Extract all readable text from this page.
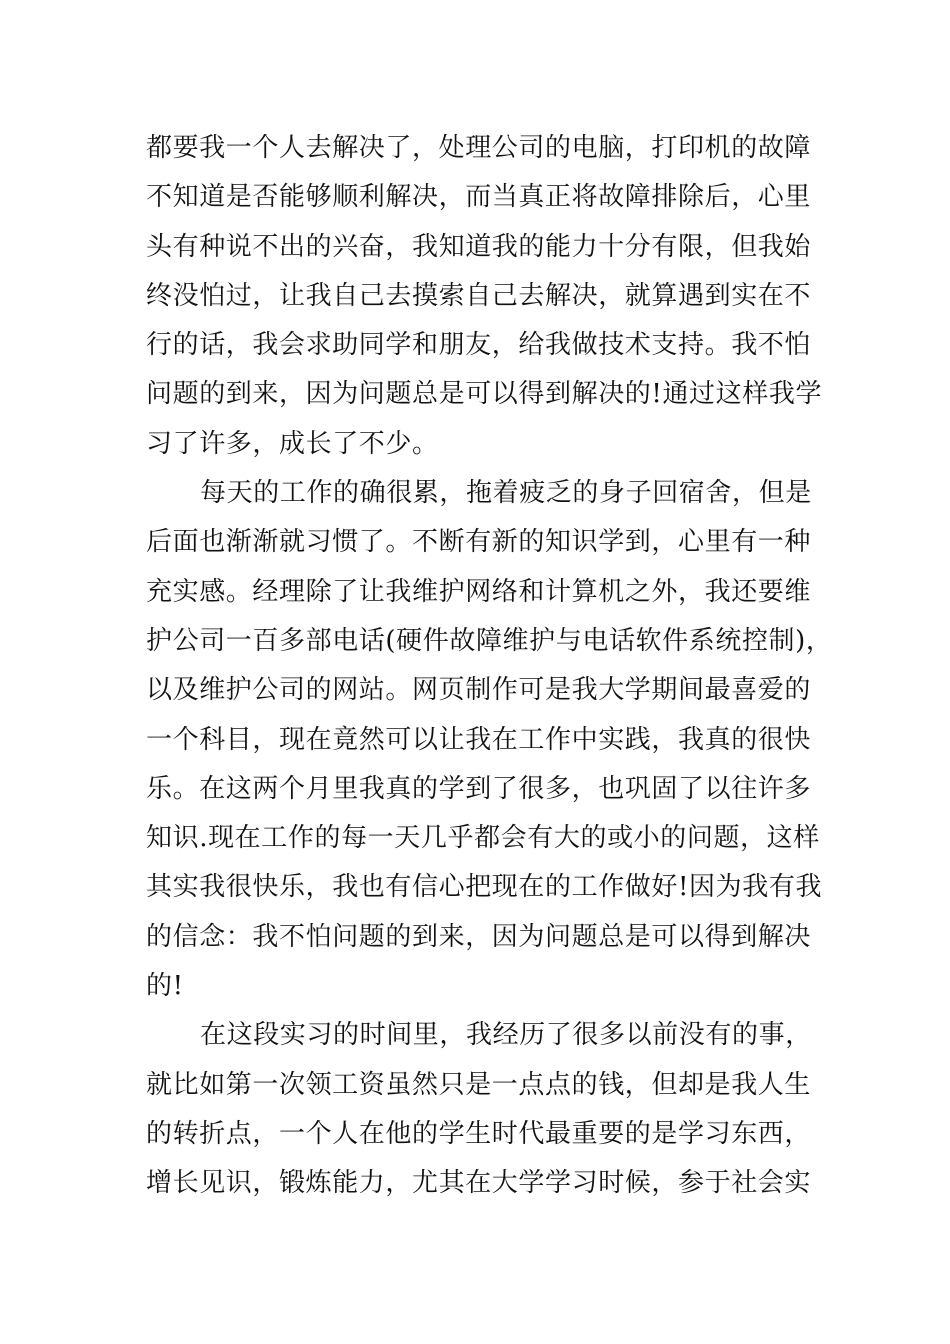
都要我一个人去解决了，处理公司的电脑，打印机的故障
不知道是否能够顺利解决，而当真正将故障排除后，心里
头有种说不出的兴奋，我知道我的能力十分有限，但我始
终没怕过，让我自己去摸索自己去解决，就算遇到实在不
行的话，我会求助同学和朋友，给我做技术支持。我不怕
问题的到来，因为问题总是可以得到解决的!通过这样我学
习了许多，成长了不少。
每天的工作的确很累，拖着疲乏的身子回宿舍，但是
后面也渐渐就习惯了。不断有新的知识学到，心里有一种
充实感。经理除了让我维护网络和计算机之外，我还要维
护公司一百多部电话(硬件故障维护与电话软件系统控制)，
以及维护公司的网站。网页制作可是我大学期间最喜爱的
一个科目，现在竟然可以让我在工作中实践，我真的很快
乐。在这两个月里我真的学到了很多，也巩固了以往许多
知识.现在工作的每一天几乎都会有大的或小的问题，这样
其实我很快乐，我也有信心把现在的工作做好!因为我有我
的信念：我不怕问题的到来，因为问题总是可以得到解决
的!
在这段实习的时间里，我经历了很多以前没有的事，
就比如第一次领工资虽然只是一点点的钱，但却是我人生
的转折点，一个人在他的学生时代最重要的是学习东西，
增长见识，锻炼能力，尤其在大学学习时候，参于社会实
